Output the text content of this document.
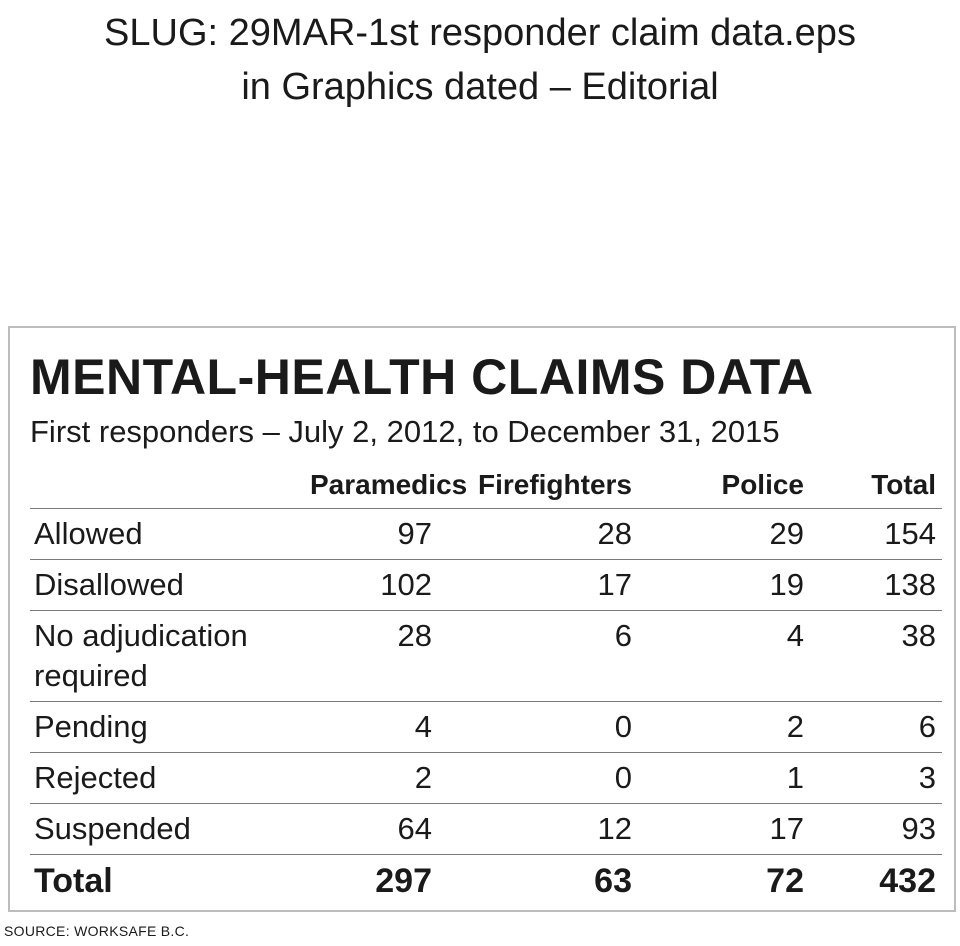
SLUG: 29MAR-1st responder claim data.eps
in Graphics dated – Editorial
MENTAL-HEALTH CLAIMS DATA
First responders – July 2, 2012, to December 31, 2015
	Paramedics	Firefighters	Police	Total
Allowed	97	28	29	154
Disallowed	102	17	19	138
No adjudication required	28	6	4	38
Pending	4	0	2	6
Rejected	2	0	1	3
Suspended	64	12	17	93
Total	297	63	72	432
SOURCE: WORKSAFE B.C.
